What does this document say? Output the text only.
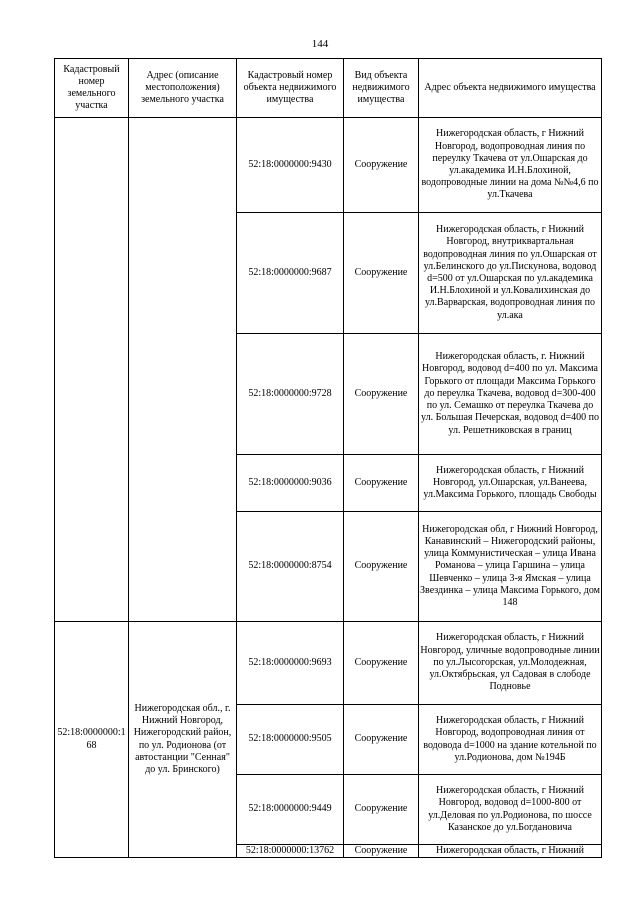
144
Кадастровый номер земельного участка	Адрес (описание местоположения) земельного участка	Кадастровый номер объекта недвижимого имущества	Вид объекта недвижимого имущества	Адрес объекта недвижимого имущества
		52:18:0000000:9430	Сооружение	Нижегородская область, г Нижний Новгород, водопроводная линия по переулку Ткачева от ул.Ошарская до ул.академика И.Н.Блохиной, водопроводные линии на дома №№4,6 по ул.Ткачева
		52:18:0000000:9687	Сооружение	Нижегородская область, г Нижний Новгород, внутриквартальная водопроводная линия по ул.Ошарская от ул.Белинского до ул.Пискунова, водовод d=500 от ул.Ошарская по ул.академика И.Н.Блохиной и ул.Ковалихинская до ул.Варварская, водопроводная линия по ул.ака
		52:18:0000000:9728	Сооружение	Нижегородская область, г. Нижний Новгород, водовод d=400 по ул. Максима Горького от площади Максима Горького до переулка Ткачева, водовод d=300-400 по ул. Семашко от переулка Ткачева до ул. Большая Печерская, водовод d=400 по ул. Решетниковская в границ
		52:18:0000000:9036	Сооружение	Нижегородская область, г Нижний Новгород, ул.Ошарская, ул.Ванеева, ул.Максима Горького, площадь Свободы
		52:18:0000000:8754	Сооружение	Нижегородская обл, г Нижний Новгород, Канавинский – Нижегородский районы, улица Коммунистическая – улица Ивана Романова – улица Гаршина – улица Шевченко – улица 3-я Ямская – улица Звездинка – улица Максима Горького, дом 148
52:18:0000000:168	Нижегородская обл., г. Нижний Новгород, Нижегородский район, по ул. Родионова (от автостанции "Сенная" до ул. Бринского)	52:18:0000000:9693	Сооружение	Нижегородская область, г Нижний Новгород, уличные водопроводные линии по ул.Лысогорская, ул.Молодежная, ул.Октябрьская, ул Садовая в слободе Подновье
		52:18:0000000:9505	Сооружение	Нижегородская область, г Нижний Новгород, водопроводная линия от водовода d=1000 на здание котельной по ул.Родионова, дом №194Б
		52:18:0000000:9449	Сооружение	Нижегородская область, г Нижний Новгород, водовод d=1000-800 от ул.Деловая по ул.Родионова, по шоссе Казанское до ул.Богдановича
		52:18:0000000:13762	Сооружение	Нижегородская область, г Нижний
